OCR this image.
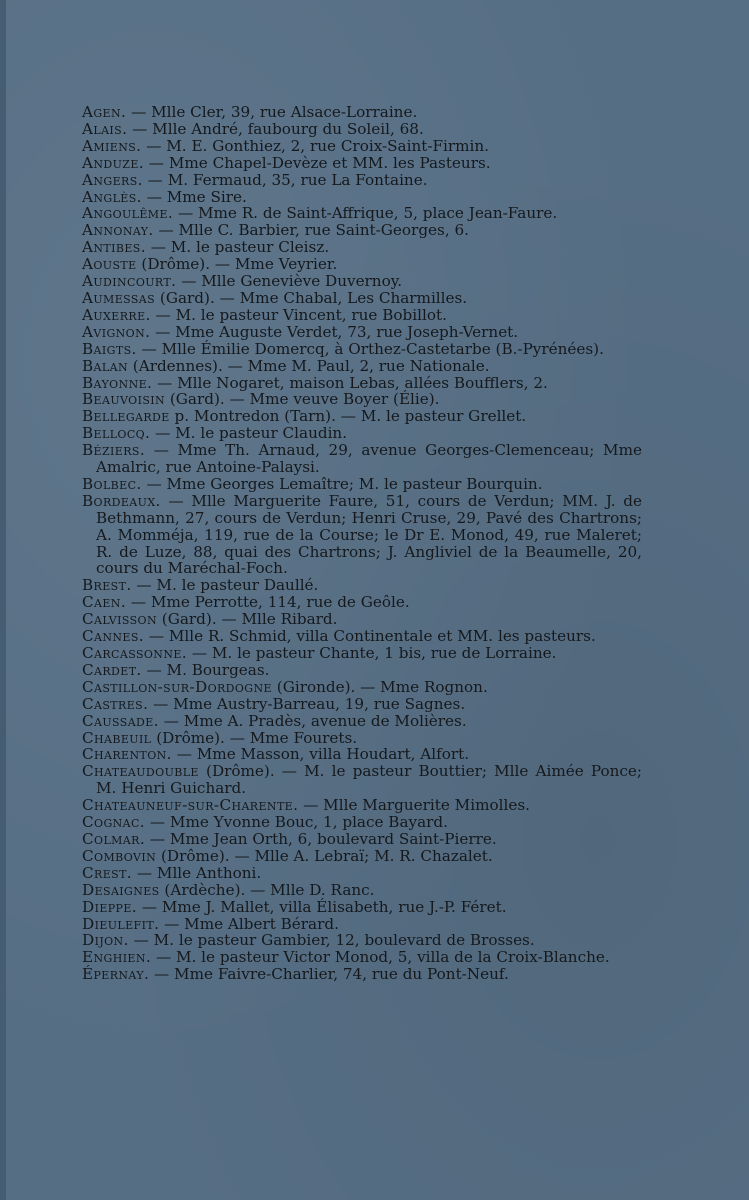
Agen. — Mlle Cler, 39, rue Alsace-Lorraine.
Alais. — Mlle André, faubourg du Soleil, 68.
Amiens. — M. E. Gonthiez, 2, rue Croix-Saint-Firmin.
Anduze. — Mme Chapel-Devèze et MM. les Pasteurs.
Angers. — M. Fermaud, 35, rue La Fontaine.
Anglès. — Mme Sire.
Angoulême. — Mme R. de Saint-Affrique, 5, place Jean-Faure.
Annonay. — Mlle C. Barbier, rue Saint-Georges, 6.
Antibes. — M. le pasteur Cleisz.
Aouste (Drôme). — Mme Veyrier.
Audincourt. — Mlle Geneviève Duvernoy.
Aumessas (Gard). — Mme Chabal, Les Charmilles.
Auxerre. — M. le pasteur Vincent, rue Bobillot.
Avignon. — Mme Auguste Verdet, 73, rue Joseph-Vernet.
Baigts. — Mlle Émilie Domercq, à Orthez-Castetarbe (B.-Pyrénées).
Balan (Ardennes). — Mme M. Paul, 2, rue Nationale.
Bayonne. — Mlle Nogaret, maison Lebas, allées Boufflers, 2.
Beauvoisin (Gard). — Mme veuve Boyer (Élie).
Bellegarde p. Montredon (Tarn). — M. le pasteur Grellet.
Bellocq. — M. le pasteur Claudin.
Béziers. — Mme Th. Arnaud, 29, avenue Georges-Clemenceau; Mme Amalric, rue Antoine-Palaysi.
Bolbec. — Mme Georges Lemaître; M. le pasteur Bourquin.
Bordeaux. — Mlle Marguerite Faure, 51, cours de Verdun; MM. J. de Bethmann, 27, cours de Verdun; Henri Cruse, 29, Pavé des Chartrons; A. Momméja, 119, rue de la Course; le Dr E. Monod, 49, rue Maleret; R. de Luze, 88, quai des Chartrons; J. Angliviel de la Beaumelle, 20, cours du Maréchal-Foch.
Brest. — M. le pasteur Daullé.
Caen. — Mme Perrotte, 114, rue de Geôle.
Calvisson (Gard). — Mlle Ribard.
Cannes. — Mlle R. Schmid, villa Continentale et MM. les pasteurs.
Carcassonne. — M. le pasteur Chante, 1 bis, rue de Lorraine.
Cardet. — M. Bourgeas.
Castillon-sur-Dordogne (Gironde). — Mme Rognon.
Castres. — Mme Austry-Barreau, 19, rue Sagnes.
Caussade. — Mme A. Pradès, avenue de Molières.
Chabeuil (Drôme). — Mme Fourets.
Charenton. — Mme Masson, villa Houdart, Alfort.
Chateaudouble (Drôme). — M. le pasteur Bouttier; Mlle Aimée Ponce; M. Henri Guichard.
Chateauneuf-sur-Charente. — Mlle Marguerite Mimolles.
Cognac. — Mme Yvonne Bouc, 1, place Bayard.
Colmar. — Mme Jean Orth, 6, boulevard Saint-Pierre.
Combovin (Drôme). — Mlle A. Lebraï; M. R. Chazalet.
Crest. — Mlle Anthoni.
Desaignes (Ardèche). — Mlle D. Ranc.
Dieppe. — Mme J. Mallet, villa Élisabeth, rue J.-P. Féret.
Dieulefit. — Mme Albert Bérard.
Dijon. — M. le pasteur Gambier, 12, boulevard de Brosses.
Enghien. — M. le pasteur Victor Monod, 5, villa de la Croix-Blanche.
Épernay. — Mme Faivre-Charlier, 74, rue du Pont-Neuf.
